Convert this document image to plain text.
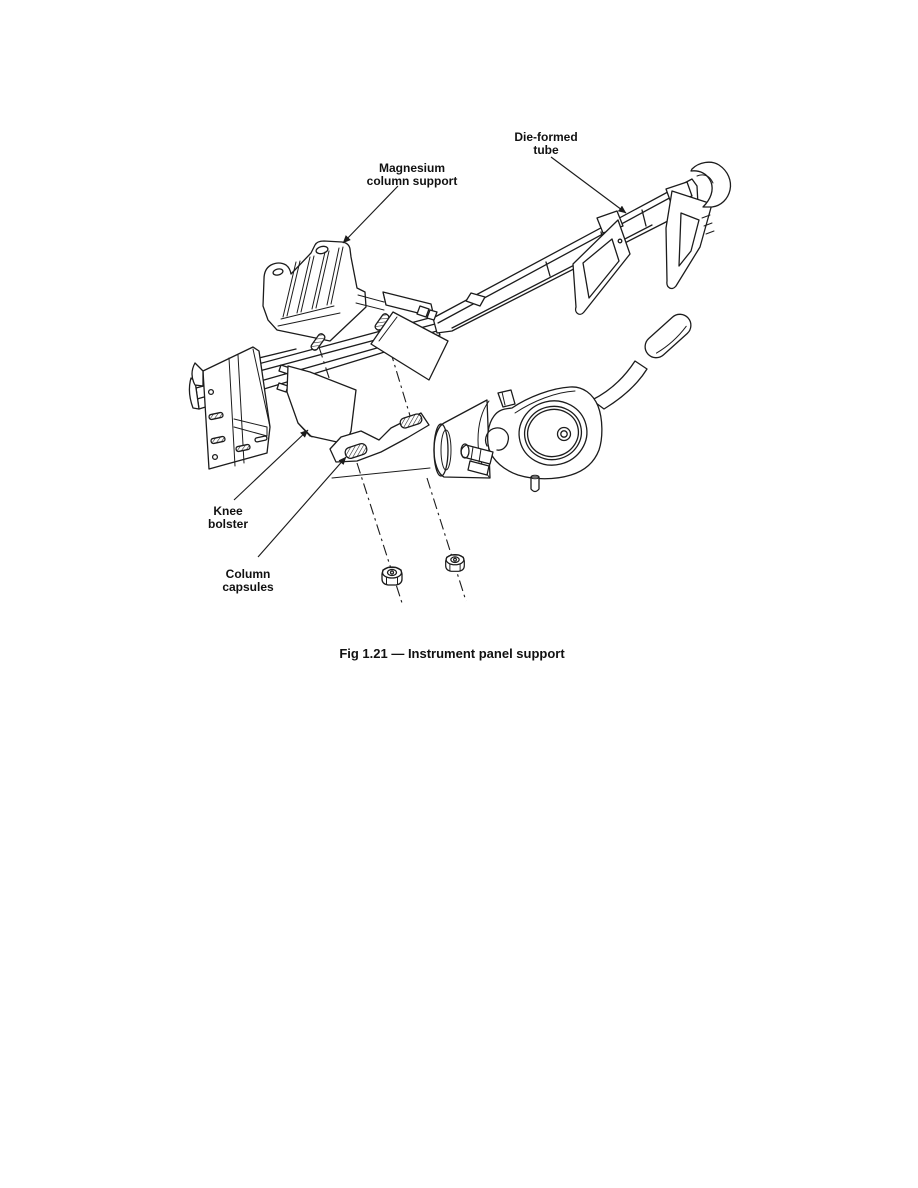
Magnesium
column support
Die-formed
tube
Knee
bolster
Column
capsules
Fig 1.21 — Instrument panel support
